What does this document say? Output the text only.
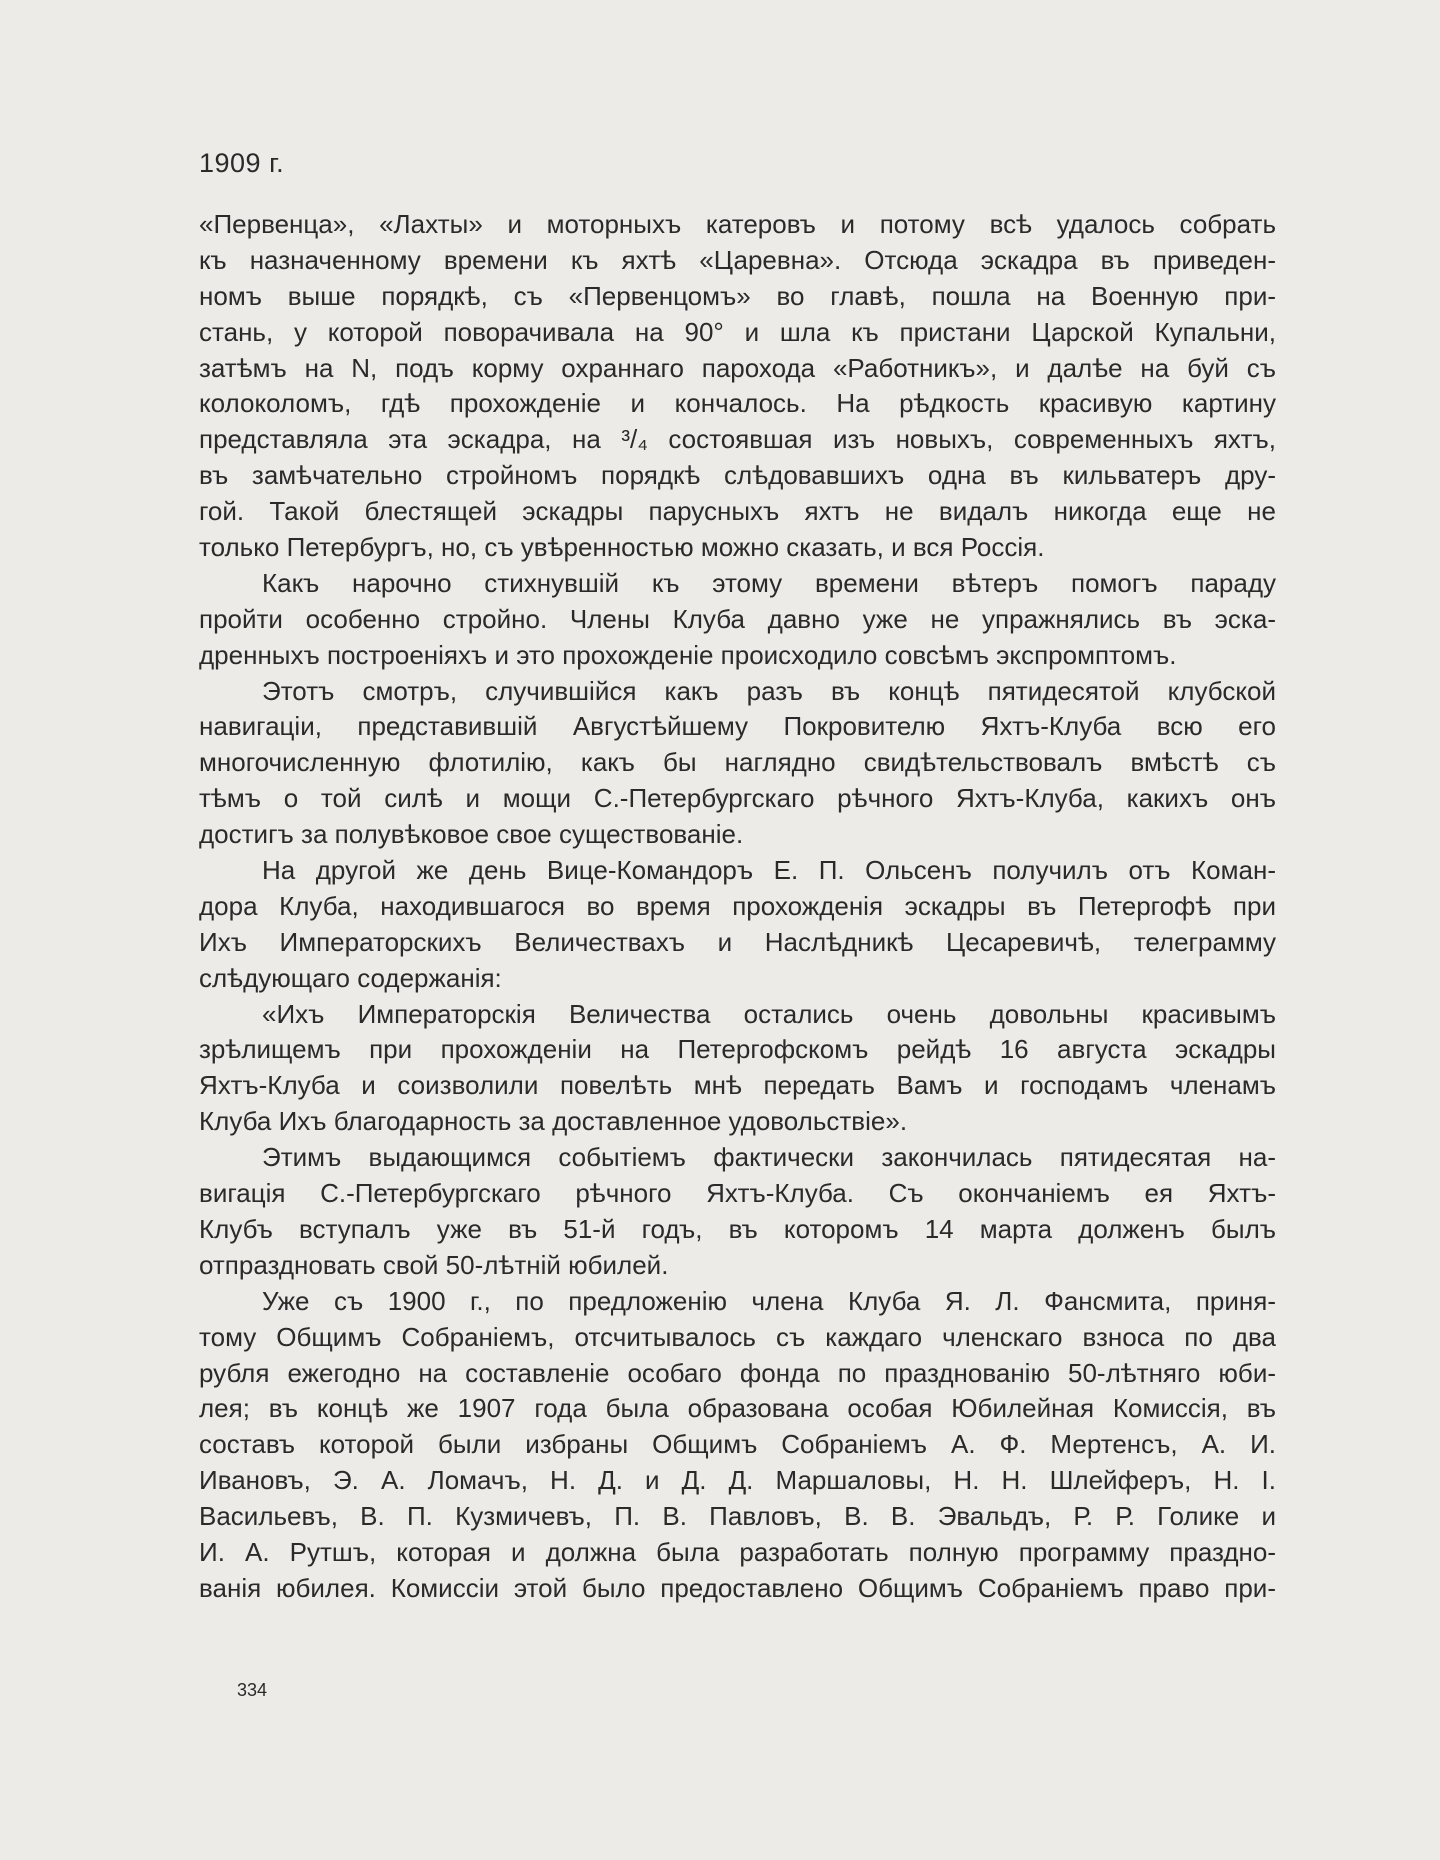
1909 г.
«Первенца», «Лахты» и моторныхъ катеровъ и потому всѣ удалось собрать
къ назначенному времени къ яхтѣ «Царевна». Отсюда эскадра въ приведен-
номъ выше порядкѣ, съ «Первенцомъ» во главѣ, пошла на Военную при-
стань, у которой поворачивала на 90° и шла къ пристани Царской Купальни,
затѣмъ на N, подъ корму охраннаго парохода «Работникъ», и далѣе на буй съ
колоколомъ, гдѣ прохожденіе и кончалось. На рѣдкость красивую картину
представляла эта эскадра, на ³/₄ состоявшая изъ новыхъ, современныхъ яхтъ,
въ замѣчательно стройномъ порядкѣ слѣдовавшихъ одна въ кильватеръ дру-
гой. Такой блестящей эскадры парусныхъ яхтъ не видалъ никогда еще не
только Петербургъ, но, съ увѣренностью можно сказать, и вся Россія.
Какъ нарочно стихнувшій къ этому времени вѣтеръ помогъ параду
пройти особенно стройно. Члены Клуба давно уже не упражнялись въ эска-
дренныхъ построеніяхъ и это прохожденіе происходило совсѣмъ экспромптомъ.
Этотъ смотръ, случившійся какъ разъ въ концѣ пятидесятой клубской
навигаціи, представившій Августѣйшему Покровителю Яхтъ-Клуба всю его
многочисленную флотилію, какъ бы наглядно свидѣтельствовалъ вмѣстѣ съ
тѣмъ о той силѣ и мощи С.-Петербургскаго рѣчного Яхтъ-Клуба, какихъ онъ
достигъ за полувѣковое свое существованіе.
На другой же день Вице-Командоръ Е. П. Ольсенъ получилъ отъ Коман-
дора Клуба, находившагося во время прохожденія эскадры въ Петергофѣ при
Ихъ Императорскихъ Величествахъ и Наслѣдникѣ Цесаревичѣ, телеграмму
слѣдующаго содержанія:
«Ихъ Императорскія Величества остались очень довольны красивымъ
зрѣлищемъ при прохожденіи на Петергофскомъ рейдѣ 16 августа эскадры
Яхтъ-Клуба и соизволили повелѣть мнѣ передать Вамъ и господамъ членамъ
Клуба Ихъ благодарность за доставленное удовольствіе».
Этимъ выдающимся событіемъ фактически закончилась пятидесятая на-
вигація С.-Петербургскаго рѣчного Яхтъ-Клуба. Съ окончаніемъ ея Яхтъ-
Клубъ вступалъ уже въ 51-й годъ, въ которомъ 14 марта долженъ былъ
отпраздновать свой 50-лѣтній юбилей.
Уже съ 1900 г., по предложенію члена Клуба Я. Л. Фансмита, приня-
тому Общимъ Собраніемъ, отсчитывалось съ каждаго членскаго взноса по два
рубля ежегодно на составленіе особаго фонда по празднованію 50-лѣтняго юби-
лея; въ концѣ же 1907 года была образована особая Юбилейная Комиссія, въ
составъ которой были избраны Общимъ Собраніемъ А. Ф. Мертенсъ, А. И.
Ивановъ, Э. А. Ломачъ, Н. Д. и Д. Д. Маршаловы, Н. Н. Шлейферъ, Н. І.
Васильевъ, В. П. Кузмичевъ, П. В. Павловъ, В. В. Эвальдъ, Р. Р. Голике и
И. А. Рутшъ, которая и должна была разработать полную программу праздно-
ванія юбилея. Комиссіи этой было предоставлено Общимъ Собраніемъ право при-
334
